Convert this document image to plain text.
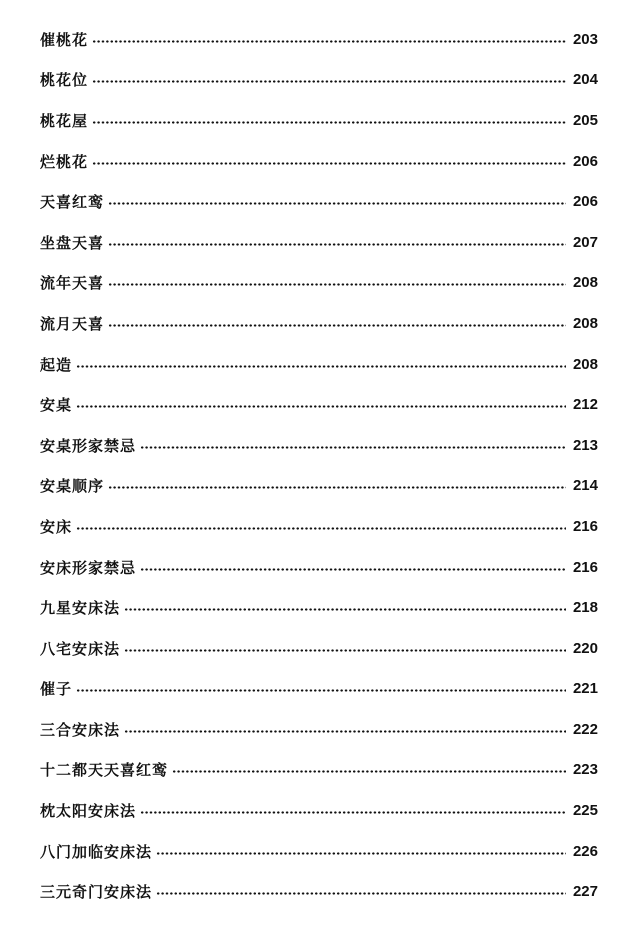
催桃花	203
桃花位	204
桃花屋	205
烂桃花	206
天喜红鸾	206
坐盘天喜	207
流年天喜	208
流月天喜	208
起造	208
安桌	212
安桌形家禁忌	213
安桌顺序	214
安床	216
安床形家禁忌	216
九星安床法	218
八宅安床法	220
催子	221
三合安床法	222
十二都天天喜红鸾	223
枕太阳安床法	225
八门加临安床法	226
三元奇门安床法	227
